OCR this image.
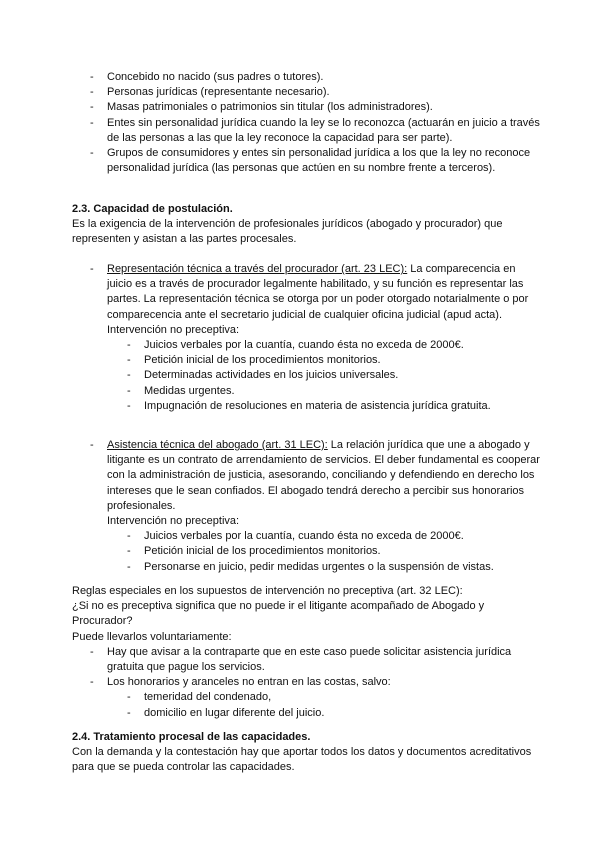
- Concebido no nacido (sus padres o tutores).
- Personas jurídicas (representante necesario).
- Masas patrimoniales o patrimonios sin titular (los administradores).
- Entes sin personalidad jurídica cuando la ley se lo reconozca (actuarán en juicio a través de las personas a las que la ley reconoce la capacidad para ser parte).
- Grupos de consumidores y entes sin personalidad jurídica a los que la ley no reconoce personalidad jurídica (las personas que actúen en su nombre frente a terceros).
2.3. Capacidad de postulación.
Es la exigencia de la intervención de profesionales jurídicos (abogado y procurador) que representen y asistan a las partes procesales.
- Representación técnica a través del procurador (art. 23 LEC): La comparecencia en juicio es a través de procurador legalmente habilitado, y su función es representar las partes. La representación técnica se otorga por un poder otorgado notarialmente o por comparecencia ante el secretario judicial de cualquier oficina judicial (apud acta).

Intervención no preceptiva:

- Juicios verbales por la cuantía, cuando ésta no exceda de 2000€.
- Petición inicial de los procedimientos monitorios.
- Determinadas actividades en los juicios universales.
- Medidas urgentes.
- Impugnación de resoluciones en materia de asistencia jurídica gratuita.
- Asistencia técnica del abogado (art. 31 LEC): La relación jurídica que une a abogado y litigante es un contrato de arrendamiento de servicios. El deber fundamental es cooperar con la administración de justicia, asesorando, conciliando y defendiendo en derecho los intereses que le sean confiados. El abogado tendrá derecho a percibir sus honorarios profesionales.

Intervención no preceptiva:

- Juicios verbales por la cuantía, cuando ésta no exceda de 2000€.
- Petición inicial de los procedimientos monitorios.
- Personarse en juicio, pedir medidas urgentes o la suspensión de vistas.

Reglas especiales en los supuestos de intervención no preceptiva (art. 32 LEC):

¿Si no es preceptiva significa que no puede ir el litigante acompañado de Abogado y Procurador?

Puede llevarlos voluntariamente:

- Hay que avisar a la contraparte que en este caso puede solicitar asistencia jurídica gratuita que pague los servicios.
- Los honorarios y aranceles no entran en las costas, salvo:
- temeridad del condenado,
- domicilio en lugar diferente del juicio.
2.4. Tratamiento procesal de las capacidades.
Con la demanda y la contestación hay que aportar todos los datos y documentos acreditativos para que se pueda controlar las capacidades.
